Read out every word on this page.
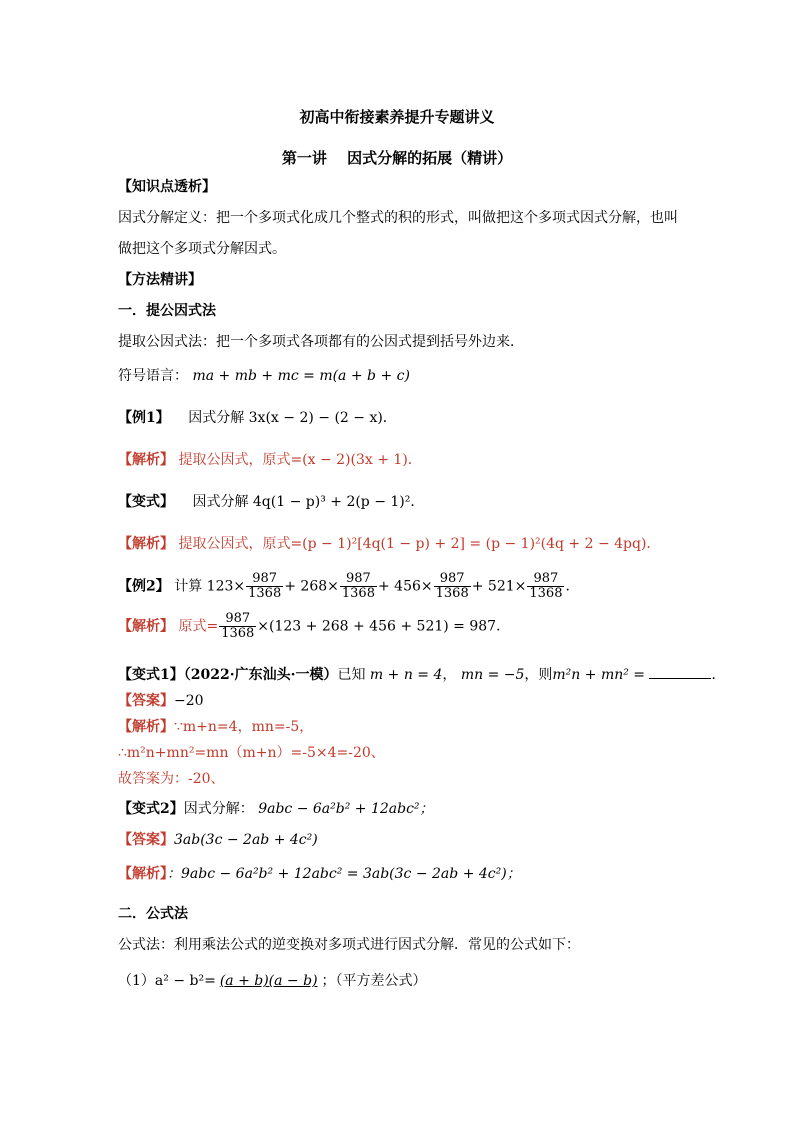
初高中衔接素养提升专题讲义
第一讲　 因式分解的拓展（精讲）
【知识点透析】
因式分解定义：把一个多项式化成几个整式的积的形式，叫做把这个多项式因式分解，也叫
做把这个多项式分解因式。
【方法精讲】
一．提公因式法
提取公因式法：把一个多项式各项都有的公因式提到括号外边来．
符号语言： ma + mb + mc = m(a + b + c)
【例1】 　因式分解 3x(x − 2) − (2 − x)．
【解析】 提取公因式，原式=(x − 2)(3x + 1)．
【变式】 　因式分解 4q(1 − p)³ + 2(p − 1)²．
【解析】 提取公因式，原式=(p − 1)²[4q(1 − p) + 2] = (p − 1)²(4q + 2 − 4pq)．
【例2】 计算 $123\times \frac{987}{1368} + 268\times \frac{987}{1368} + 456\times \frac{987}{1368} + 521\times \frac{987}{1368}$ ．
【解析】 原式= $\frac{987}{1368} \times(123 + 268 + 456 + 521) = 987$．
【变式1】（2022·广东汕头·一模）已知 m + n = 4， mn = −5，则m²n + mn² =	．
【答案】−20
【解析】∵m+n=4，mn=-5，
∴m²n+mn²=mn（m+n）=-5×4=-20、
故答案为：-20、
【变式2】因式分解： 9abc − 6a²b² + 12abc²；
【答案】3ab(3c − 2ab + 4c²)
【解析】：9abc − 6a²b² + 12abc² = 3ab(3c − 2ab + 4c²)；
二．公式法
公式法：利用乘法公式的逆变换对多项式进行因式分解．常见的公式如下：
（1）a² − b²= (a + b)(a − b) ；（平方差公式）
